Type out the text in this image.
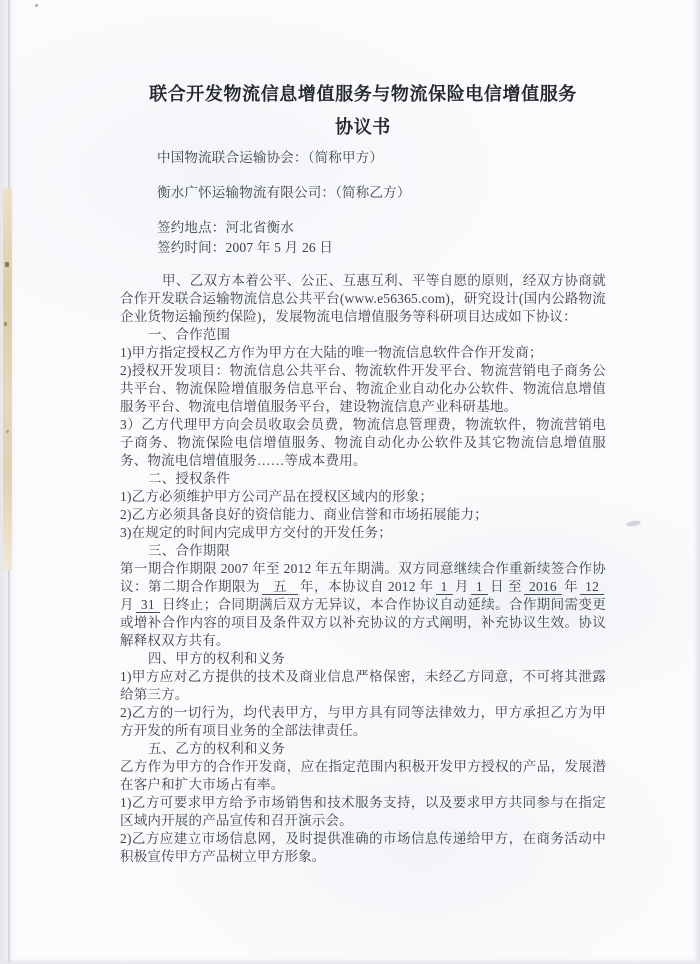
联合开发物流信息增值服务与物流保险电信增值服务

协议书

中国物流联合运输协会：（简称甲方）

衡水广怀运输物流有限公司：（简称乙方）

签约地点：河北省衡水

签约时间：2007 年 5 月 26 日

甲、乙双方本着公平、公正、互惠互利、平等自愿的原则，经双方协商就合作开发联合运输物流信息公共平台(www.e56365.com)，研究设计(国内公路物流企业货物运输预约保险)，发展物流电信增值服务等科研项目达成如下协议：

一、合作范围

1)甲方指定授权乙方作为甲方在大陆的唯一物流信息软件合作开发商；

2)授权开发项目：物流信息公共平台、物流软件开发平台、物流营销电子商务公共平台、物流保险增值服务信息平台、物流企业自动化办公软件、物流信息增值服务平台、物流电信增值服务平台，建设物流信息产业科研基地。

3）乙方代理甲方向会员收取会员费，物流信息管理费，物流软件，物流营销电子商务、物流保险电信增值服务、物流自动化办公软件及其它物流信息增值服务、物流电信增值服务……等成本费用。

二、授权条件

1)乙方必须维护甲方公司产品在授权区域内的形象；

2)乙方必须具备良好的资信能力、商业信誉和市场拓展能力；

3)在规定的时间内完成甲方交付的开发任务；

三、合作期限

第一期合作期限 2007 年至 2012 年五年期满。双方同意继续合作重新续签合作协议：第二期合作期限为 五 年，本协议自 2012 年 1 月 1 日 至 2016 年 12月 31 日终止；合同期满后双方无异议，本合作协议自动延续。合作期间需变更或增补合作内容的项目及条件双方以补充协议的方式阐明，补充协议生效。协议解释权双方共有。

四、甲方的权利和义务

1)甲方应对乙方提供的技术及商业信息严格保密，未经乙方同意，不可将其泄露给第三方。

2)乙方的一切行为，均代表甲方，与甲方具有同等法律效力，甲方承担乙方为甲方开发的所有项目业务的全部法律责任。

五、乙方的权利和义务

乙方作为甲方的合作开发商，应在指定范围内积极开发甲方授权的产品，发展潜在客户和扩大市场占有率。

1)乙方可要求甲方给予市场销售和技术服务支持，以及要求甲方共同参与在指定区域内开展的产品宣传和召开演示会。

2)乙方应建立市场信息网，及时提供准确的市场信息传递给甲方，在商务活动中积极宣传甲方产品树立甲方形象。
